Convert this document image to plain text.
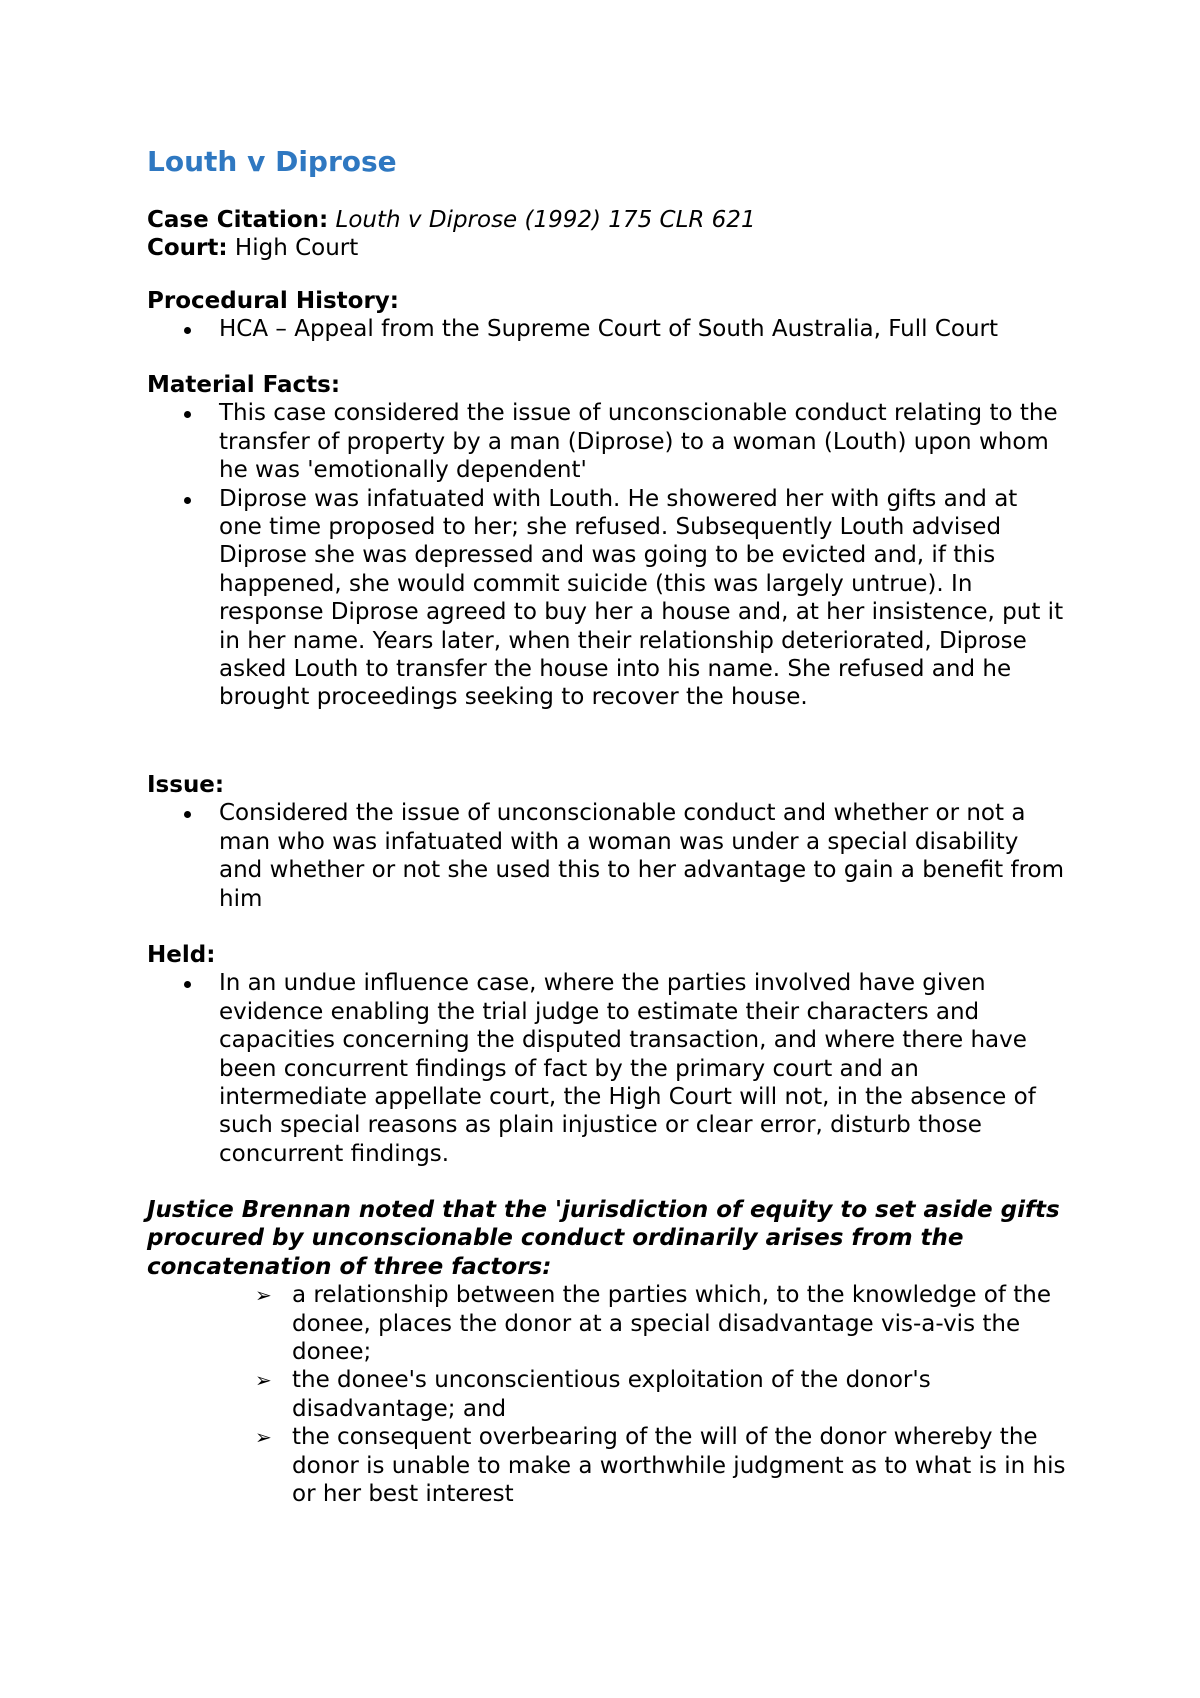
Louth v Diprose
Case Citation: Louth v Diprose (1992) 175 CLR 621
Court: High Court
Procedural History:
HCA – Appeal from the Supreme Court of South Australia, Full Court
Material Facts:
This case considered the issue of unconscionable conduct relating to the transfer of property by a man (Diprose) to a woman (Louth) upon whom he was 'emotionally dependent'
Diprose was infatuated with Louth. He showered her with gifts and at one time proposed to her; she refused. Subsequently Louth advised Diprose she was depressed and was going to be evicted and, if this happened, she would commit suicide (this was largely untrue). In response Diprose agreed to buy her a house and, at her insistence, put it in her name. Years later, when their relationship deteriorated, Diprose asked Louth to transfer the house into his name. She refused and he brought proceedings seeking to recover the house.
Issue:
Considered the issue of unconscionable conduct and whether or not a man who was infatuated with a woman was under a special disability and whether or not she used this to her advantage to gain a benefit from him
Held:
In an undue influence case, where the parties involved have given evidence enabling the trial judge to estimate their characters and capacities concerning the disputed transaction, and where there have been concurrent findings of fact by the primary court and an intermediate appellate court, the High Court will not, in the absence of such special reasons as plain injustice or clear error, disturb those concurrent findings.
Justice Brennan noted that the 'jurisdiction of equity to set aside gifts procured by unconscionable conduct ordinarily arises from the concatenation of three factors:
➢ a relationship between the parties which, to the knowledge of the donee, places the donor at a special disadvantage vis-a-vis the donee;
➢ the donee's unconscientious exploitation of the donor's disadvantage; and
➢ the consequent overbearing of the will of the donor whereby the donor is unable to make a worthwhile judgment as to what is in his or her best interest
